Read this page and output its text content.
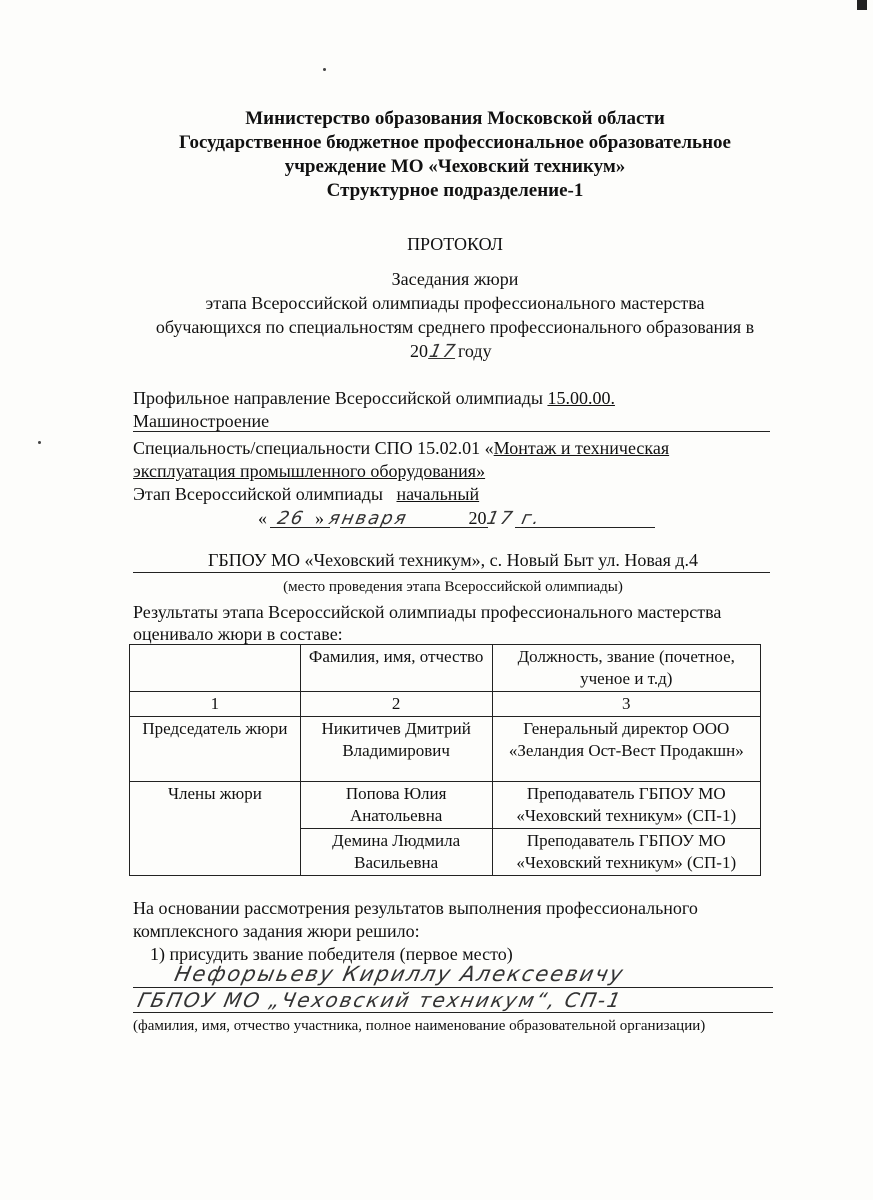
Министерство образования Московской области
Государственное бюджетное профессиональное образовательное
учреждение МО «Чеховский техникум»
Структурное подразделение-1
ПРОТОКОЛ
Заседания жюри
этапа Всероссийской олимпиады профессионального мастерства
обучающихся по специальностям среднего профессионального образования в
2017году
Профильное направление Всероссийской олимпиады 15.00.00.
Машиностроение
Специальность/специальности СПО 15.02.01 «Монтаж и техническая
эксплуатация промышленного оборудования»
Этап Всероссийской олимпиады начальный
« 26 » января	2017 г.
ГБПОУ МО «Чеховский техникум», с. Новый Быт ул. Новая д.4
(место проведения этапа Всероссийской олимпиады)
Результаты этапа Всероссийской олимпиады профессионального мастерства
оценивало жюри в составе:
	Фамилия, имя, отчество	Должность, звание (почетное, ученое и т.д)
1	2	3
Председатель жюри	Никитичев Дмитрий Владимирович	Генеральный директор ООО «Зеландия Ост-Вест Продакшн»
Члены жюри	Попова Юлия Анатольевна	Преподаватель ГБПОУ МО «Чеховский техникум» (СП-1)
	Демина Людмила Васильевна	Преподаватель ГБПОУ МО «Чеховский техникум» (СП-1)
На основании рассмотрения результатов выполнения профессионального
комплексного задания жюри решило:
1) присудить звание победителя (первое место)
Нефорыьеву Кириллу Алексеевичу
ГБПОУ МО „Чеховский техникум“, СП-1
(фамилия, имя, отчество участника, полное наименование образовательной организации)
